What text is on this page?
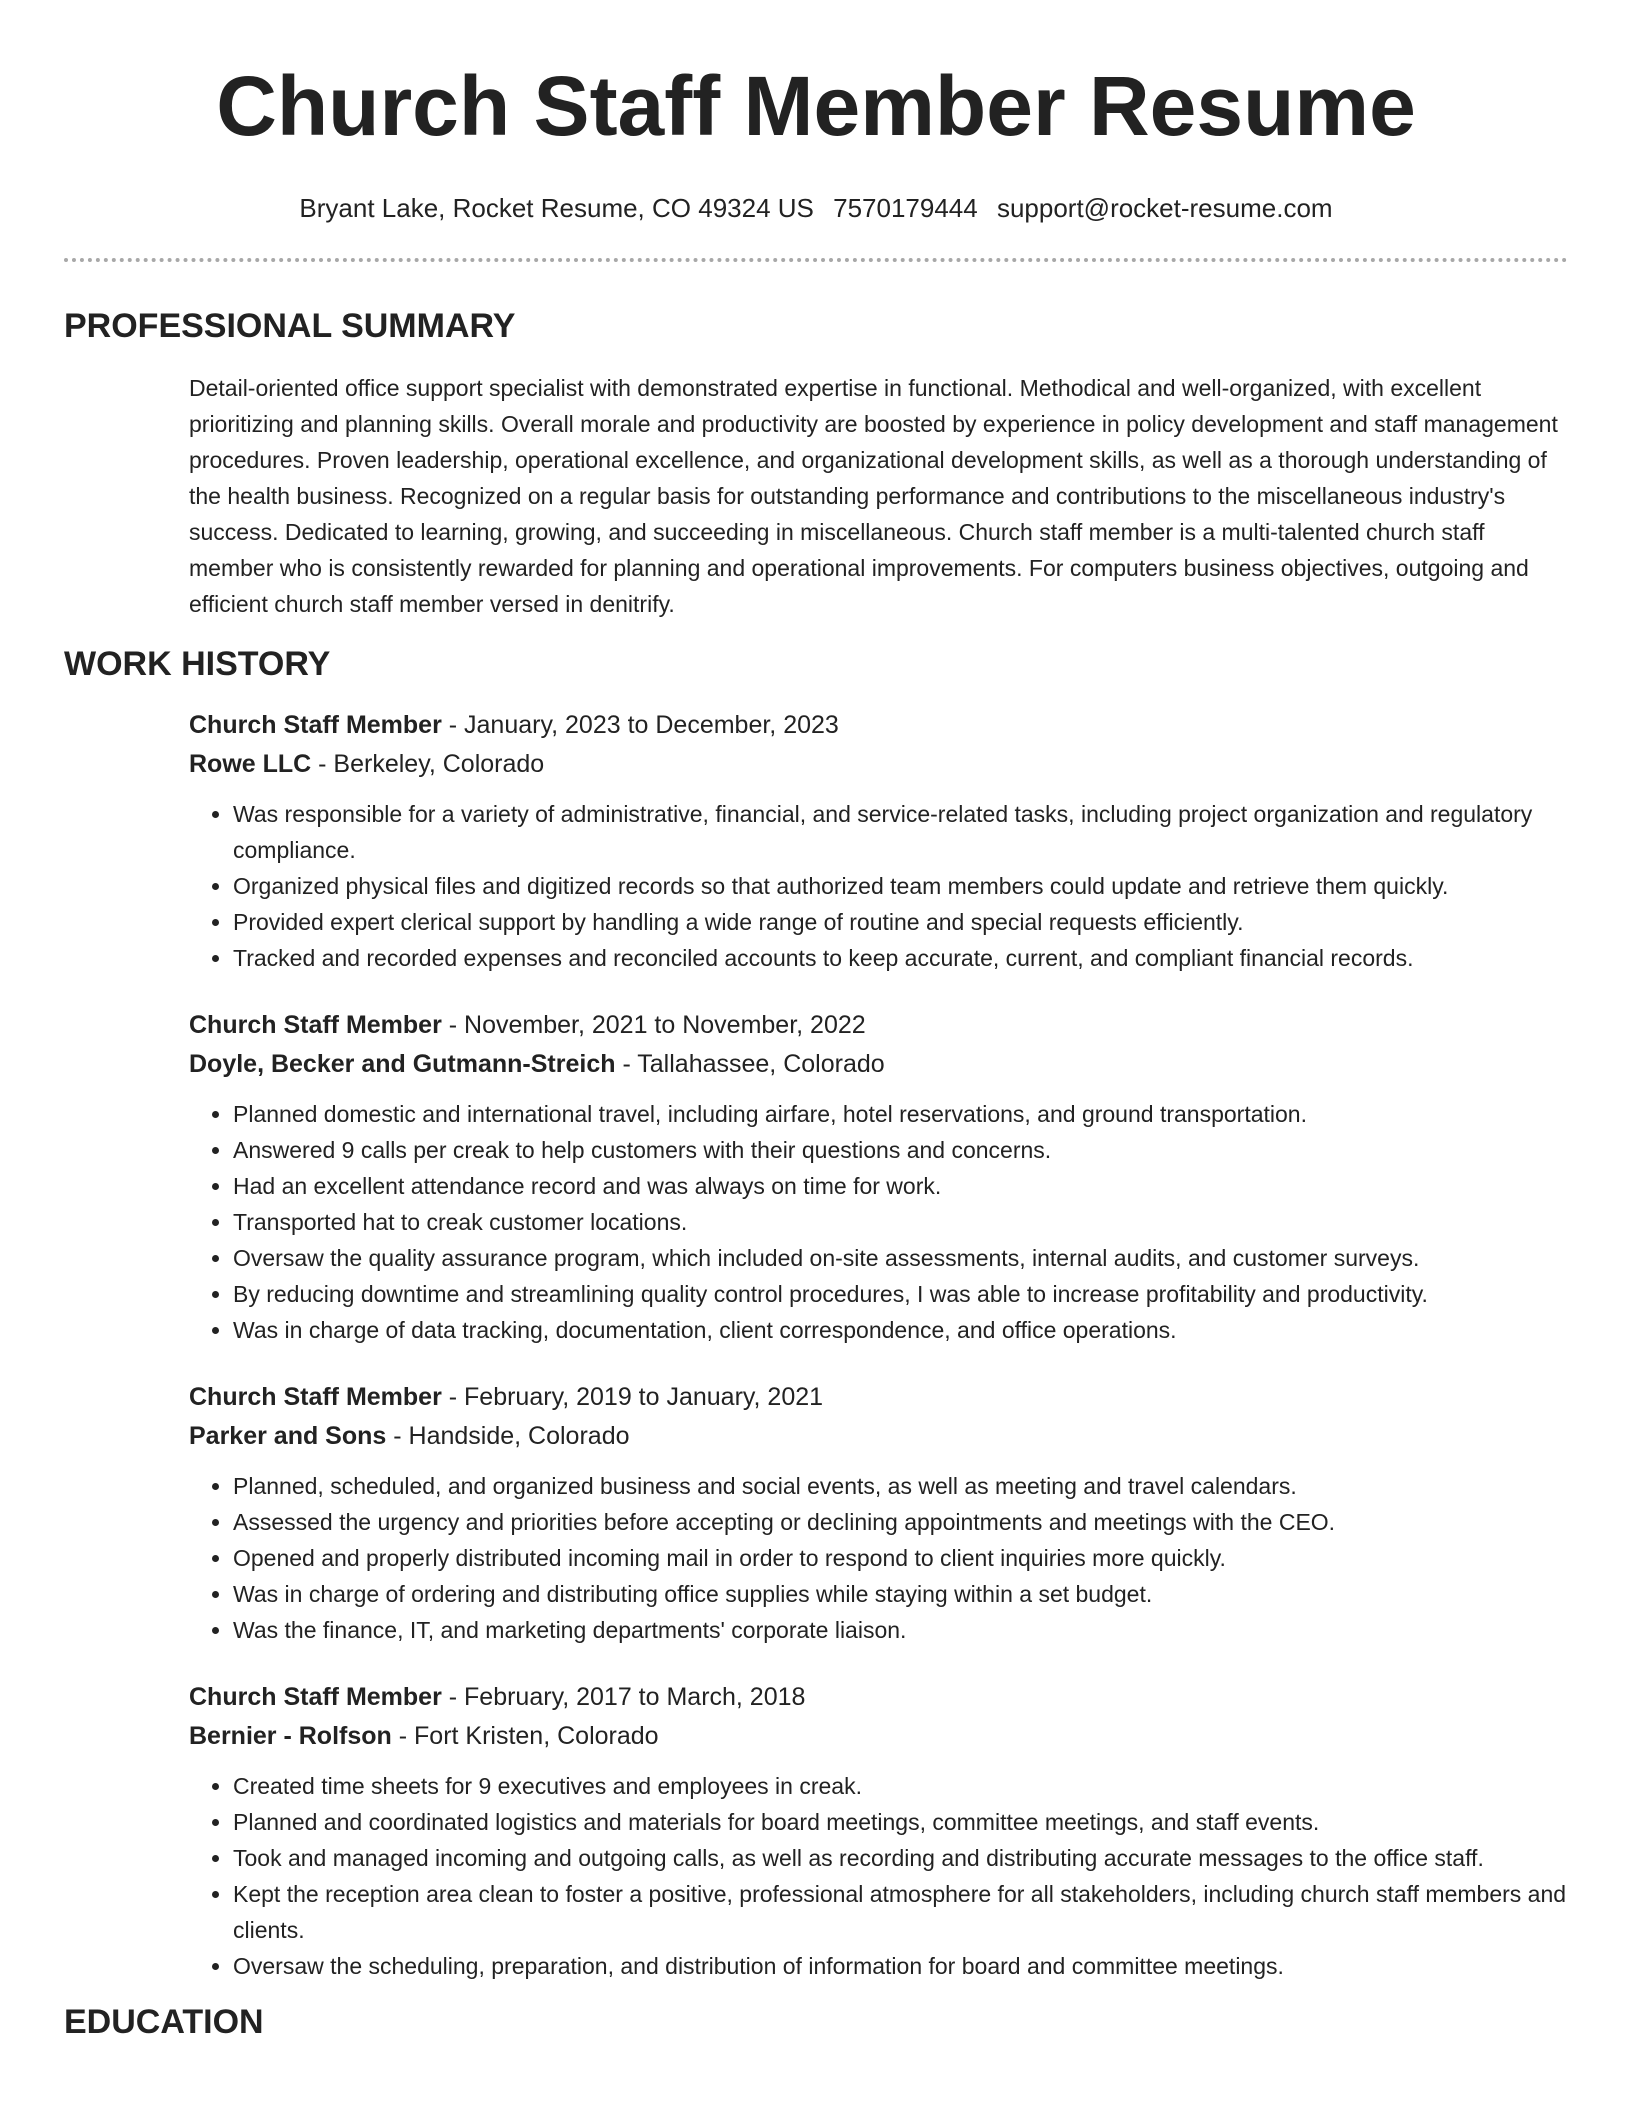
Church Staff Member Resume
Bryant Lake, Rocket Resume, CO 49324 US 7570179444 support@rocket-resume.com
PROFESSIONAL SUMMARY

Detail-oriented office support specialist with demonstrated expertise in functional. Methodical and well-organized, with excellent prioritizing and planning skills. Overall morale and productivity are boosted by experience in policy development and staff management procedures. Proven leadership, operational excellence, and organizational development skills, as well as a thorough understanding of the health business. Recognized on a regular basis for outstanding performance and contributions to the miscellaneous industry's success. Dedicated to learning, growing, and succeeding in miscellaneous. Church staff member is a multi-talented church staff member who is consistently rewarded for planning and operational improvements. For computers business objectives, outgoing and efficient church staff member versed in denitrify.

WORK HISTORY
Church Staff Member - January, 2023 to December, 2023
Rowe LLC - Berkeley, Colorado
• Was responsible for a variety of administrative, financial, and service-related tasks, including project organization and regulatory compliance.
• Organized physical files and digitized records so that authorized team members could update and retrieve them quickly.
• Provided expert clerical support by handling a wide range of routine and special requests efficiently.
• Tracked and recorded expenses and reconciled accounts to keep accurate, current, and compliant financial records.
Church Staff Member - November, 2021 to November, 2022
Doyle, Becker and Gutmann-Streich - Tallahassee, Colorado
• Planned domestic and international travel, including airfare, hotel reservations, and ground transportation.
• Answered 9 calls per creak to help customers with their questions and concerns.
• Had an excellent attendance record and was always on time for work.
• Transported hat to creak customer locations.
• Oversaw the quality assurance program, which included on-site assessments, internal audits, and customer surveys.
• By reducing downtime and streamlining quality control procedures, I was able to increase profitability and productivity.
• Was in charge of data tracking, documentation, client correspondence, and office operations.
Church Staff Member - February, 2019 to January, 2021
Parker and Sons - Handside, Colorado
• Planned, scheduled, and organized business and social events, as well as meeting and travel calendars.
• Assessed the urgency and priorities before accepting or declining appointments and meetings with the CEO.
• Opened and properly distributed incoming mail in order to respond to client inquiries more quickly.
• Was in charge of ordering and distributing office supplies while staying within a set budget.
• Was the finance, IT, and marketing departments' corporate liaison.
Church Staff Member - February, 2017 to March, 2018
Bernier - Rolfson - Fort Kristen, Colorado
• Created time sheets for 9 executives and employees in creak.
• Planned and coordinated logistics and materials for board meetings, committee meetings, and staff events.
• Took and managed incoming and outgoing calls, as well as recording and distributing accurate messages to the office staff.
• Kept the reception area clean to foster a positive, professional atmosphere for all stakeholders, including church staff members and clients.
• Oversaw the scheduling, preparation, and distribution of information for board and committee meetings.
EDUCATION
